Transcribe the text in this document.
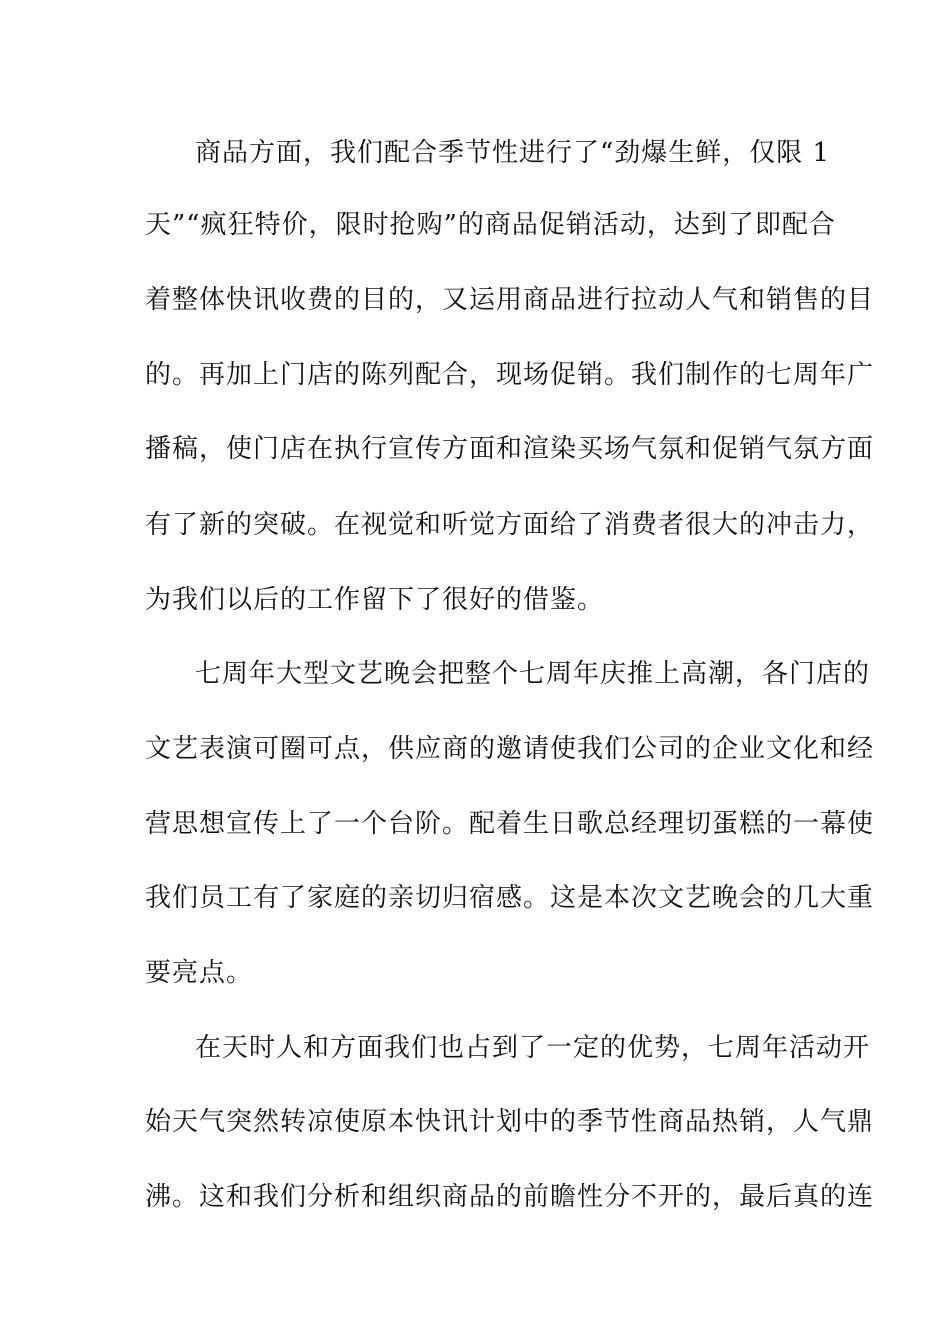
商品方面，我们配合季节性进行了“劲爆生鲜，仅限 1
天”“疯狂特价，限时抢购”的商品促销活动，达到了即配合
着整体快讯收费的目的，又运用商品进行拉动人气和销售的目
的。再加上门店的陈列配合，现场促销。我们制作的七周年广
播稿，使门店在执行宣传方面和渲染买场气氛和促销气氛方面
有了新的突破。在视觉和听觉方面给了消费者很大的冲击力，
为我们以后的工作留下了很好的借鉴。
七周年大型文艺晚会把整个七周年庆推上高潮，各门店的
文艺表演可圈可点，供应商的邀请使我们公司的企业文化和经
营思想宣传上了一个台阶。配着生日歌总经理切蛋糕的一幕使
我们员工有了家庭的亲切归宿感。这是本次文艺晚会的几大重
要亮点。
在天时人和方面我们也占到了一定的优势，七周年活动开
始天气突然转凉使原本快讯计划中的季节性商品热销，人气鼎
沸。这和我们分析和组织商品的前瞻性分不开的，最后真的连
